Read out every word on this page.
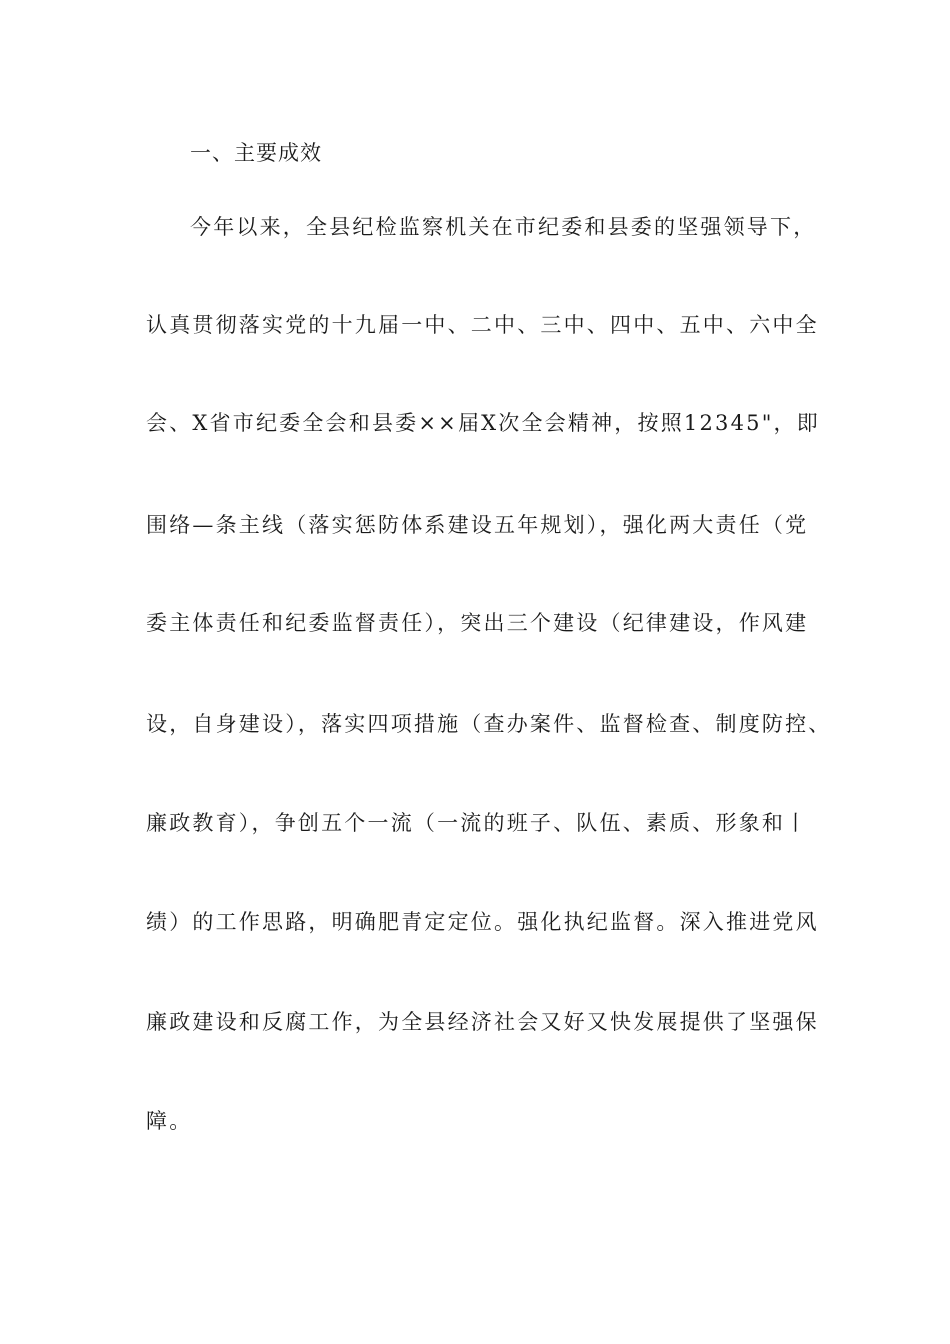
一、主要成效
今年以来，全县纪检监察机关在市纪委和县委的坚强领导下，
认真贯彻落实党的十九届一中、二中、三中、四中、五中、六中全
会、X省市纪委全会和县委××届X次全会精神，按照12345"，即
围络—条主线（落实惩防体系建设五年规划），强化两大责任（党
委主体责任和纪委监督责任），突出三个建设（纪律建设，作风建
设，自身建设），落实四项措施（查办案件、监督检查、制度防控、
廉政教育），争创五个一流（一流的班子、队伍、素质、形象和丨
绩）的工作思路，明确肥青定定位。强化执纪监督。深入推进党风
廉政建设和反腐工作，为全县经济社会又好又快发展提供了坚强保
障。
